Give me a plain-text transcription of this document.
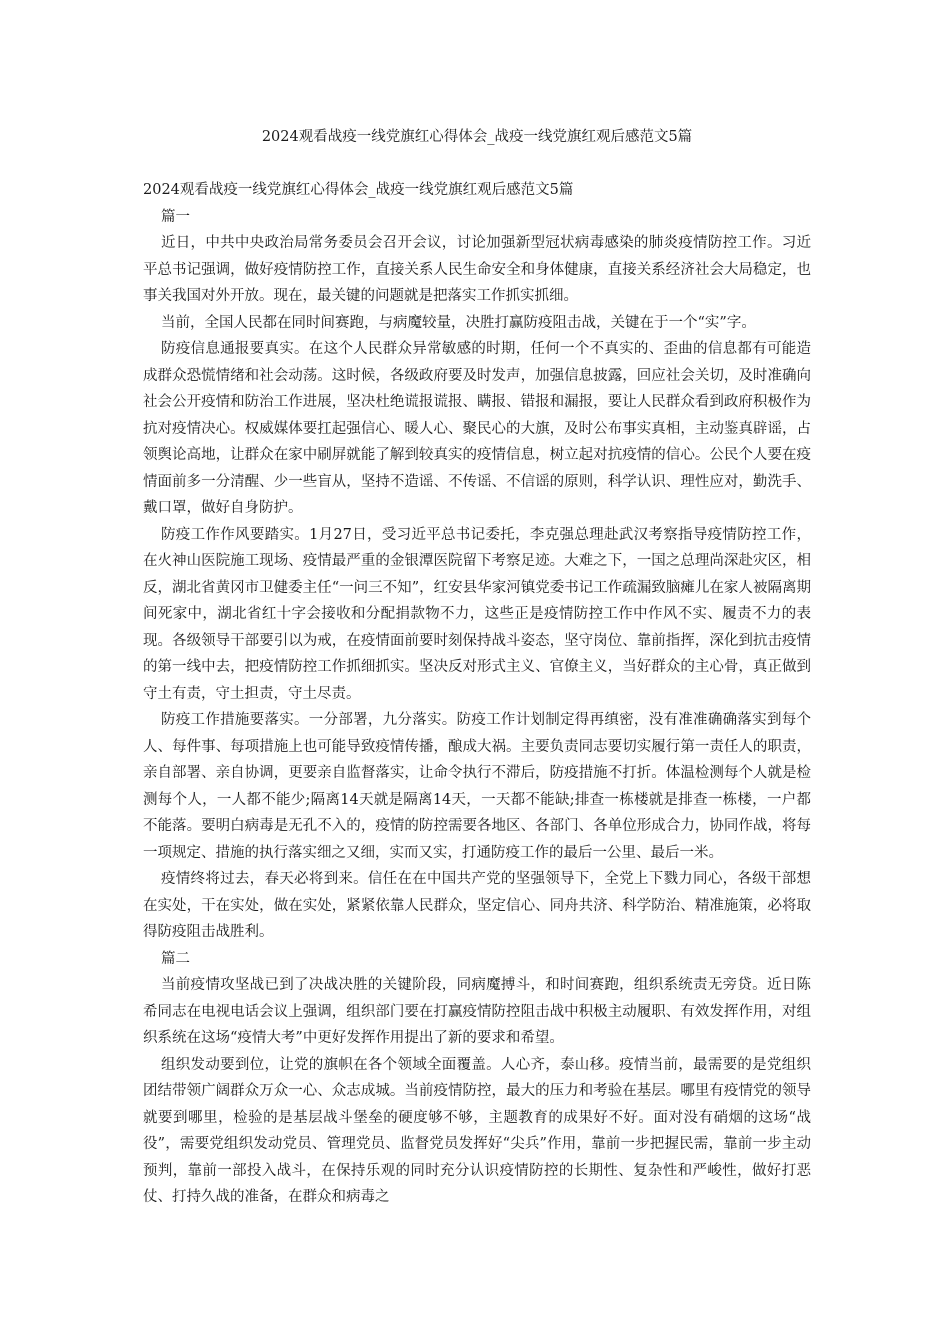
2024观看战疫一线党旗红心得体会_战疫一线党旗红观后感范文5篇

2024观看战疫一线党旗红心得体会_战疫一线党旗红观后感范文5篇

篇一

近日，中共中央政治局常务委员会召开会议，讨论加强新型冠状病毒感染的肺炎疫情防控工作。习近平总书记强调，做好疫情防控工作，直接关系人民生命安全和身体健康，直接关系经济社会大局稳定，也事关我国对外开放。现在，最关键的问题就是把落实工作抓实抓细。

当前，全国人民都在同时间赛跑，与病魔较量，决胜打赢防疫阻击战，关键在于一个“实”字。

防疫信息通报要真实。在这个人民群众异常敏感的时期，任何一个不真实的、歪曲的信息都有可能造成群众恐慌情绪和社会动荡。这时候，各级政府要及时发声，加强信息披露，回应社会关切，及时准确向社会公开疫情和防治工作进展，坚决杜绝谎报谎报、瞒报、错报和漏报，要让人民群众看到政府积极作为抗对疫情决心。权威媒体要扛起强信心、暖人心、聚民心的大旗，及时公布事实真相，主动鉴真辟谣，占领舆论高地，让群众在家中刷屏就能了解到较真实的疫情信息，树立起对抗疫情的信心。公民个人要在疫情面前多一分清醒、少一些盲从，坚持不造谣、不传谣、不信谣的原则，科学认识、理性应对，勤洗手、戴口罩，做好自身防护。

防疫工作作风要踏实。1月27日，受习近平总书记委托，李克强总理赴武汉考察指导疫情防控工作，在火神山医院施工现场、疫情最严重的金银潭医院留下考察足迹。大难之下，一国之总理尚深赴灾区，相反，湖北省黄冈市卫健委主任“一问三不知”，红安县华家河镇党委书记工作疏漏致脑瘫儿在家人被隔离期间死家中，湖北省红十字会接收和分配捐款物不力，这些正是疫情防控工作中作风不实、履责不力的表现。各级领导干部要引以为戒，在疫情面前要时刻保持战斗姿态，坚守岗位、靠前指挥，深化到抗击疫情的第一线中去，把疫情防控工作抓细抓实。坚决反对形式主义、官僚主义，当好群众的主心骨，真正做到守土有责，守土担责，守土尽责。

防疫工作措施要落实。一分部署，九分落实。防疫工作计划制定得再缜密，没有准准确确落实到每个人、每件事、每项措施上也可能导致疫情传播，酿成大祸。主要负责同志要切实履行第一责任人的职责，亲自部署、亲自协调，更要亲自监督落实，让命令执行不滞后，防疫措施不打折。体温检测每个人就是检测每个人，一人都不能少;隔离14天就是隔离14天，一天都不能缺;排查一栋楼就是排查一栋楼，一户都不能落。要明白病毒是无孔不入的，疫情的防控需要各地区、各部门、各单位形成合力，协同作战，将每一项规定、措施的执行落实细之又细，实而又实，打通防疫工作的最后一公里、最后一米。

疫情终将过去，春天必将到来。信任在在中国共产党的坚强领导下，全党上下戮力同心，各级干部想在实处，干在实处，做在实处，紧紧依靠人民群众，坚定信心、同舟共济、科学防治、精准施策，必将取得防疫阻击战胜利。

篇二

当前疫情攻坚战已到了决战决胜的关键阶段，同病魔搏斗，和时间赛跑，组织系统责无旁贷。近日陈希同志在电视电话会议上强调，组织部门要在打赢疫情防控阻击战中积极主动履职、有效发挥作用，对组织系统在这场“疫情大考”中更好发挥作用提出了新的要求和希望。

组织发动要到位，让党的旗帜在各个领域全面覆盖。人心齐，泰山移。疫情当前，最需要的是党组织团结带领广阔群众万众一心、众志成城。当前疫情防控，最大的压力和考验在基层。哪里有疫情党的领导就要到哪里，检验的是基层战斗堡垒的硬度够不够，主题教育的成果好不好。面对没有硝烟的这场“战役”，需要党组织发动党员、管理党员、监督党员发挥好“尖兵”作用，靠前一步把握民需，靠前一步主动预判，靠前一部投入战斗，在保持乐观的同时充分认识疫情防控的长期性、复杂性和严峻性，做好打恶仗、打持久战的准备，在群众和病毒之
